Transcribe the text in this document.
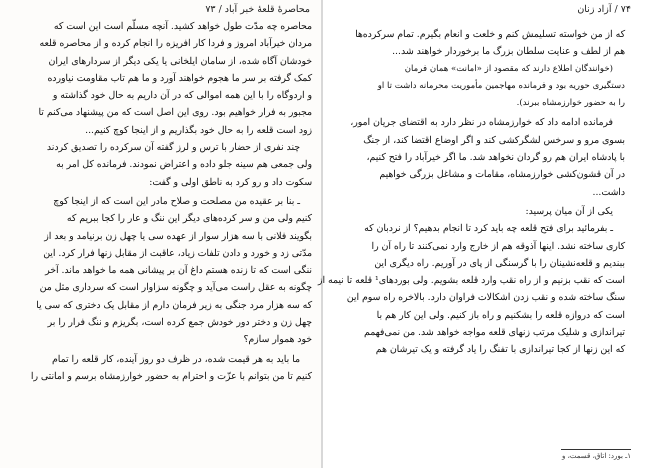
محاصرهٔ قلعهٔ خبر آباد / ۷۳

محاصره چه مدّت طول خواهد کشید. آنچه مسلّم است این است که

مردان خیرآباد امروز و فردا کار افریزه را انجام کرده و از محاصره قلعه

خودشان آگاه شده، از سامان ایلخانی یا یکی دیگر از سردارهای ایران

کمک گرفته بر سر ما هجوم خواهند آورد و ما هم تاب مقاومت نیاورده

و اردوگاه را با این همه اموالی که در آن داریم به حال خود گذاشته و

مجبور به فرار خواهیم بود. روی این اصل است که من پیشنهاد می‌کنم تا

زود است قلعه را به حال خود بگذاریم و از اینجا کوچ کنیم...

چند نفری از حضار با ترس و لرز گفته آن سرکرده را تصدیق کردند

ولی جمعی هم سینه جلو داده و اعتراض نمودند. فرمانده کل امر به

سکوت داد و رو کرد به ناطق اولی و گفت:

ـ بنا بر عقیده من مصلحت و صلاح مادر این است که از اینجا کوچ

کنیم ولی من و سر کرده‌های دیگر این ننگ و عار را کجا ببریم که

بگویند فلانی با سه هزار سوار از عهده سی یا چهل زن برنیامد و بعد از

مدّتی زد و خورد و دادن تلفات زیاد، عاقبت از مقابل زنها فرار کرد. این

ننگی است که تا زنده هستم داغ آن بر پیشانی همه ما خواهد ماند. آخر

چگونه به عقل راست می‌آید و چگونه سزاوار است که سرداری مثل من

که سه هزار مرد جنگی به زیر فرمان دارم از مقابل یک دختری که سی یا

چهل زن و دختر دور خودش جمع کرده است، بگریزم و ننگ فرار را بر

خود هموار سازم؟

ما باید به هر قیمت شده، در ظرف دو روز آینده، کار قلعه را تمام

کنیم تا من بتوانم با عزّت و احترام به حضور خوارزمشاه برسم و امانتی را

۷۴ / آزاد زنان

که از من خواسته تسلیمش کنم و خلعت و انعام بگیرم. تمام سرکرده‌ها

هم از لطف و عنایت سلطان بزرگ ما برخوردار خواهند شد...

(خوانندگان اطلاع دارند که مقصود از «امانت» همان فرمان

دستگیری حوریه بود و فرمانده مهاجمین مأموریت محرمانه داشت تا او

را به حضور خوارزمشاه ببرند).

فرمانده ادامه داد که خوارزمشاه در نظر دارد به اقتضای جریان امور،

بسوی مرو و سرخس لشگرکشی کند و اگر اوضاع اقتضا کند، از جنگ

با پادشاه ایران هم رو گردان نخواهد شد. ما اگر خیرآباد را فتح کنیم،

در آن قشون‌کشی خوارزمشاه، مقامات و مشاغل بزرگی خواهیم

داشت...

یکی از آن میان پرسید:

ـ بفرمائید برای فتح قلعه چه باید کرد تا انجام بدهیم؟ از نردبان که

کاری ساخته نشد. اینها آذوقه هم از خارج وارد نمی‌کنند تا راه آن را

ببندیم و قلعه‌نشینان را با گرسنگی از پای در آوریم. راه دیگری این

است که نقب بزنیم و از راه نقب وارد قلعه بشویم. ولی بوردهای¹ قلعه تا نیمه از

سنگ ساخته شده و نقب زدن اشکالات فراوان دارد. بالاخره راه سوم این

است که دروازه قلعه را بشکنیم و راه باز کنیم. ولی این کار هم با

تیراندازی و شلیک مرتب زنهای قلعه مواجه خواهد شد. من نمی‌فهمم

که این زنها از کجا تیراندازی با تفنگ را یاد گرفته و یک تیرشان هم

۱ـ بورد: اتاق، قسمت، و
